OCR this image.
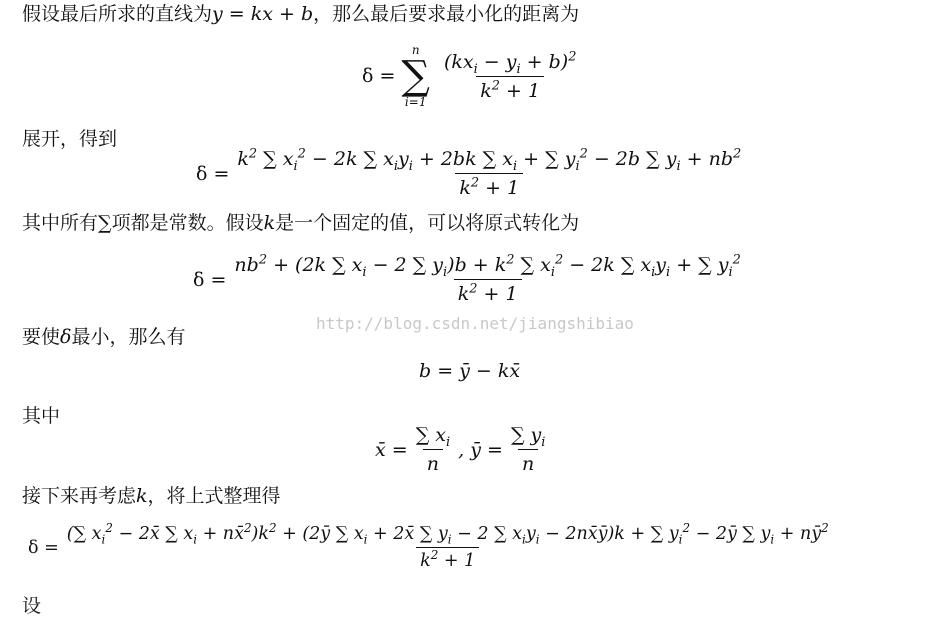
假设最后所求的直线为y = kx + b，那么最后要求最小化的距离为
δ =
n
∑
i=1
$\frac{(kx_i - y_i + b)^2}{k^2 + 1}$
展开，得到
$\delta = \frac{k^2 \sum x_i^2 - 2k \sum x_iy_i + 2bk \sum x_i + \sum y_i^2 - 2b \sum y_i + nb^2}{k^2 + 1}$
其中所有∑项都是常数。假设k是一个固定的值，可以将原式转化为
$\delta = \frac{nb^2 + (2k \sum x_i - 2 \sum y_i)b + k^2 \sum x_i^2 - 2k \sum x_iy_i + \sum y_i^2}{k^2 + 1}$
http://blog.csdn.net/jiangshibiao
要使δ最小，那么有
b = ȳ − kx̄
其中
x̄ = $\frac{\sum x_i}{n}$ , ȳ = $\frac{\sum y_i}{n}$
接下来再考虑k，将上式整理得
δ =
(∑ $x_i^2$ − 2x̄ ∑ $x_i$ + $nx̄^2)k^2$ + (2ȳ ∑ $x_i$ + 2x̄ ∑ $y_i - 2$ ∑ $x_iy_i$ − 2nx̄ȳ)k + ∑ $y_i^2$ − 2ȳ ∑ $y_i$ + $nȳ^2$
$k^2 + 1$
设
